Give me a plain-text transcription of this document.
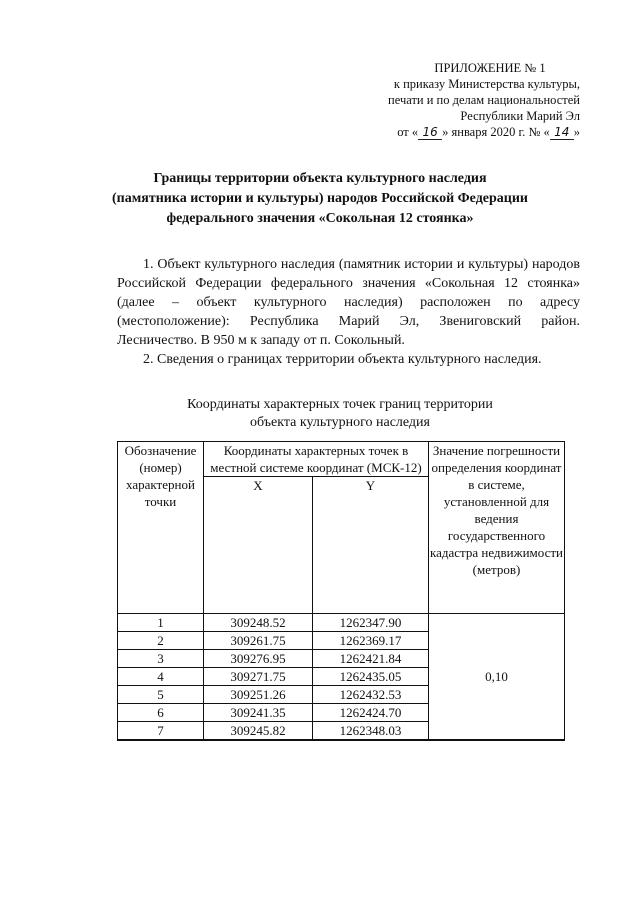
ПРИЛОЖЕНИЕ № 1
к приказу Министерства культуры,
печати и по делам национальностей
Республики Марий Эл
от « 16 » января 2020 г. № « 14 »
Границы территории объекта культурного наследия
(памятника истории и культуры) народов Российской Федерации
федерального значения «Сокольная 12 стоянка»

1. Объект культурного наследия (памятник истории и культуры) народов Российской Федерации федерального значения «Сокольная 12 стоянка» (далее – объект культурного наследия) расположен по адресу (местоположение): Республика Марий Эл, Звениговский район. Лесничество. В 950 м к западу от п. Сокольный.

2. Сведения о границах территории объекта культурного наследия.

Координаты характерных точек границ территории
объекта культурного наследия
Обозначение (номер) характерной точки	Координаты характерных точек в местной системе координат (МСК-12)		Значение погрешности определения координат в системе, установленной для ведения государственного кадастра недвижимости (метров)
	X	Y	
1	309248.52	1262347.90	0,10
2	309261.75	1262369.17	
3	309276.95	1262421.84	
4	309271.75	1262435.05	
5	309251.26	1262432.53	
6	309241.35	1262424.70	
7	309245.82	1262348.03	
